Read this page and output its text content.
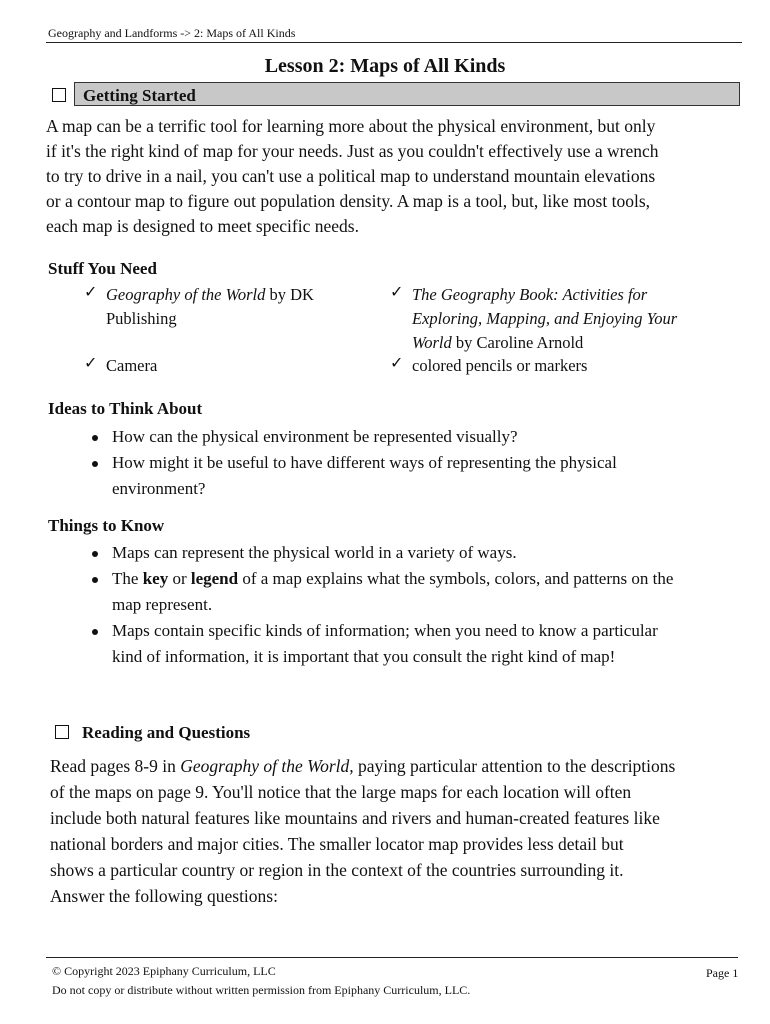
Geography and Landforms -> 2: Maps of All Kinds
Lesson 2: Maps of All Kinds
Getting Started

A map can be a terrific tool for learning more about the physical environment, but only

if it's the right kind of map for your needs. Just as you couldn't effectively use a wrench

to try to drive in a nail, you can't use a political map to understand mountain elevations

or a contour map to figure out population density. A map is a tool, but, like most tools,

each map is designed to meet specific needs.

Stuff You Need
✓ Geography of the World by DK Publishing
✓ The Geography Book: Activities for Exploring, Mapping, and Enjoying Your World by Caroline Arnold
✓ Camera	✓ colored pencils or markers
Ideas to Think About
How can the physical environment be represented visually?
How might it be useful to have different ways of representing the physical environment?
Things to Know
Maps can represent the physical world in a variety of ways.
The key or legend of a map explains what the symbols, colors, and patterns on the map represent.
Maps contain specific kinds of information; when you need to know a particular kind of information, it is important that you consult the right kind of map!
Reading and Questions

Read pages 8-9 in Geography of the World, paying particular attention to the descriptions

of the maps on page 9. You'll notice that the large maps for each location will often

include both natural features like mountains and rivers and human-created features like

national borders and major cities. The smaller locator map provides less detail but

shows a particular country or region in the context of the countries surrounding it.

Answer the following questions:

© Copyright 2023 Epiphany Curriculum, LLC
Do not copy or distribute without written permission from Epiphany Curriculum, LLC.
Page 1
